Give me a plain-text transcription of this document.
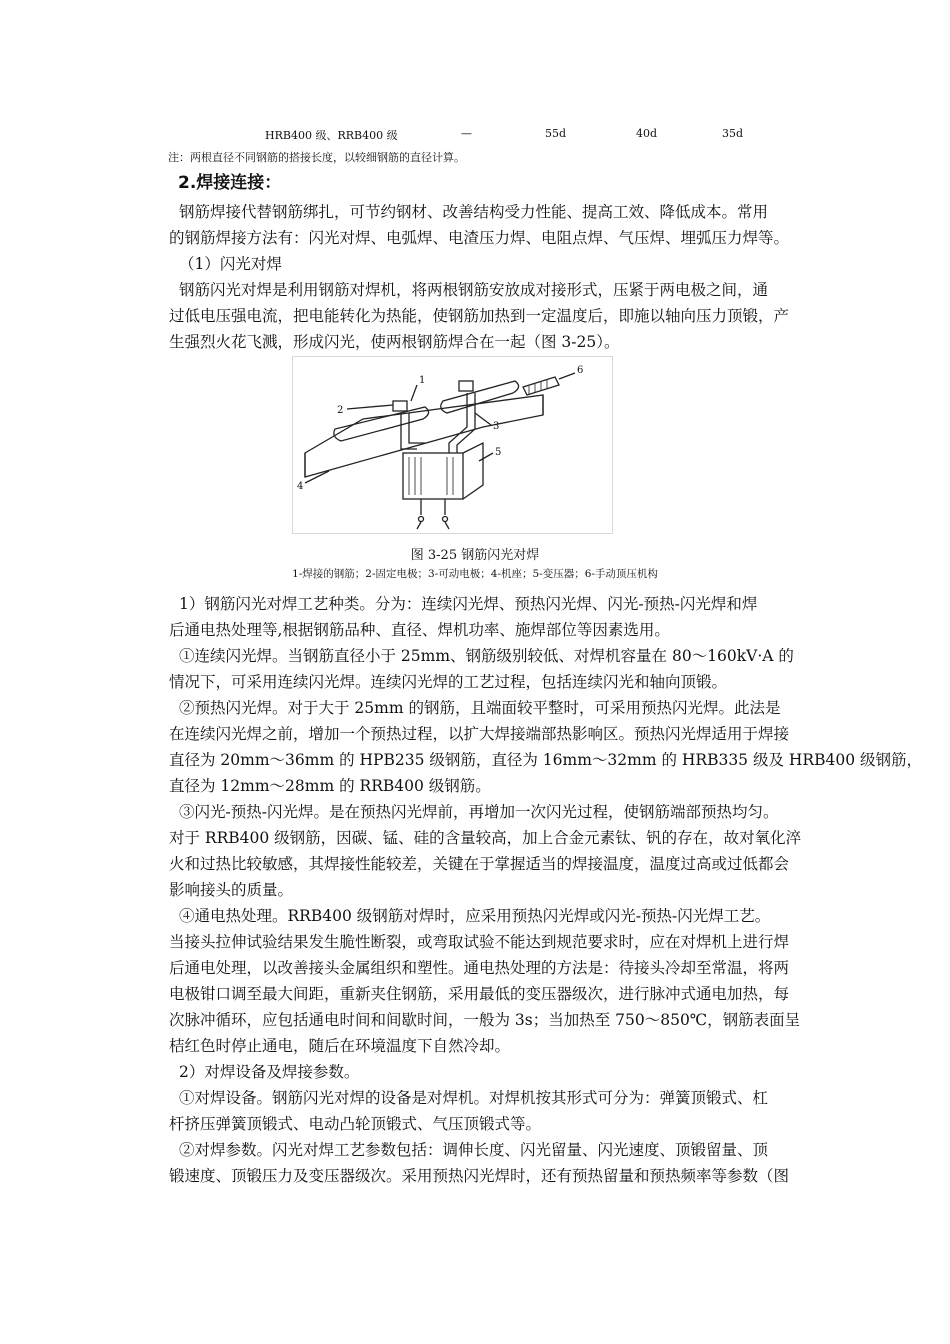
HRB400 级、RRB400 级	—	55d	40d	35d
注：两根直径不同钢筋的搭接长度，以较细钢筋的直径计算。
2.焊接连接：

钢筋焊接代替钢筋绑扎，可节约钢材、改善结构受力性能、提高工效、降低成本。常用

的钢筋焊接方法有：闪光对焊、电弧焊、电渣压力焊、电阻点焊、气压焊、埋弧压力焊等。

（1）闪光对焊

钢筋闪光对焊是利用钢筋对焊机，将两根钢筋安放成对接形式，压紧于两电极之间，通

过低电压强电流，把电能转化为热能，使钢筋加热到一定温度后，即施以轴向压力顶锻，产

生强烈火花飞溅，形成闪光，使两根钢筋焊合在一起（图 3-25）。

1
2
3
4
5
6
图 3-25 钢筋闪光对焊
1-焊接的钢筋；2-固定电极；3-可动电极；4-机座；5-变压器；6-手动顶压机构

1）钢筋闪光对焊工艺种类。分为：连续闪光焊、预热闪光焊、闪光-预热-闪光焊和焊

后通电热处理等,根据钢筋品种、直径、焊机功率、施焊部位等因素选用。

①连续闪光焊。当钢筋直径小于 25mm、钢筋级别较低、对焊机容量在 80～160kV·A 的

情况下，可采用连续闪光焊。连续闪光焊的工艺过程，包括连续闪光和轴向顶锻。

②预热闪光焊。对于大于 25mm 的钢筋，且端面较平整时，可采用预热闪光焊。此法是

在连续闪光焊之前，增加一个预热过程，以扩大焊接端部热影响区。预热闪光焊适用于焊接

直径为 20mm～36mm 的 HPB235 级钢筋，直径为 16mm～32mm 的 HRB335 级及 HRB400 级钢筋，

直径为 12mm～28mm 的 RRB400 级钢筋。

③闪光-预热-闪光焊。是在预热闪光焊前，再增加一次闪光过程，使钢筋端部预热均匀。

对于 RRB400 级钢筋，因碳、锰、硅的含量较高，加上合金元素钛、钒的存在，故对氧化淬

火和过热比较敏感，其焊接性能较差，关键在于掌握适当的焊接温度，温度过高或过低都会

影响接头的质量。

④通电热处理。RRB400 级钢筋对焊时，应采用预热闪光焊或闪光-预热-闪光焊工艺。

当接头拉伸试验结果发生脆性断裂，或弯取试验不能达到规范要求时，应在对焊机上进行焊

后通电处理，以改善接头金属组织和塑性。通电热处理的方法是：待接头冷却至常温，将两

电极钳口调至最大间距，重新夹住钢筋，采用最低的变压器级次，进行脉冲式通电加热，每

次脉冲循环，应包括通电时间和间歇时间，一般为 3s；当加热至 750～850℃，钢筋表面呈

桔红色时停止通电，随后在环境温度下自然冷却。

2）对焊设备及焊接参数。

①对焊设备。钢筋闪光对焊的设备是对焊机。对焊机按其形式可分为：弹簧顶锻式、杠

杆挤压弹簧顶锻式、电动凸轮顶锻式、气压顶锻式等。

②对焊参数。闪光对焊工艺参数包括：调伸长度、闪光留量、闪光速度、顶锻留量、顶

锻速度、顶锻压力及变压器级次。采用预热闪光焊时，还有预热留量和预热频率等参数（图
